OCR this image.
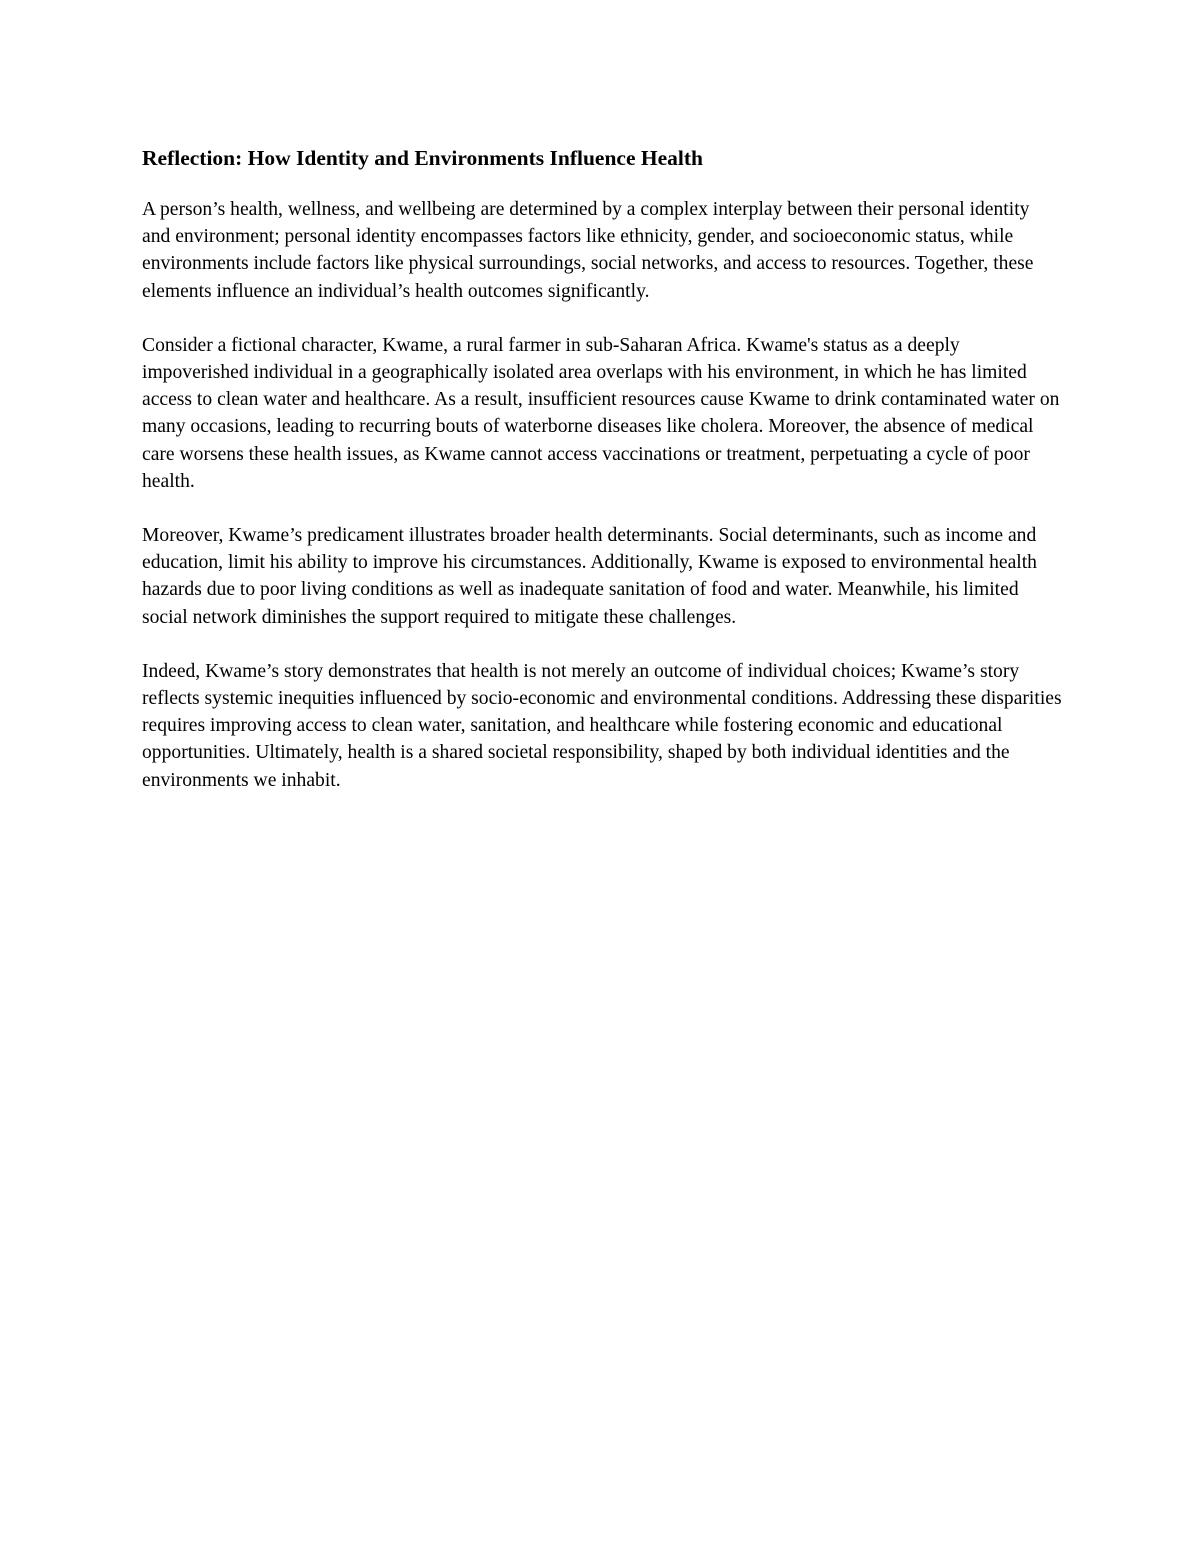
Reflection: How Identity and Environments Influence Health

A person’s health, wellness, and wellbeing are determined by a complex interplay between their personal identity and environment; personal identity encompasses factors like ethnicity, gender, and socioeconomic status, while environments include factors like physical surroundings, social networks, and access to resources. Together, these elements influence an individual’s health outcomes significantly.

Consider a fictional character, Kwame, a rural farmer in sub-Saharan Africa. Kwame's status as a deeply impoverished individual in a geographically isolated area overlaps with his environment, in which he has limited access to clean water and healthcare. As a result, insufficient resources cause Kwame to drink contaminated water on many occasions, leading to recurring bouts of waterborne diseases like cholera. Moreover, the absence of medical care worsens these health issues, as Kwame cannot access vaccinations or treatment, perpetuating a cycle of poor health.

Moreover, Kwame’s predicament illustrates broader health determinants. Social determinants, such as income and education, limit his ability to improve his circumstances. Additionally, Kwame is exposed to environmental health hazards due to poor living conditions as well as inadequate sanitation of food and water. Meanwhile, his limited social network diminishes the support required to mitigate these challenges.

Indeed, Kwame’s story demonstrates that health is not merely an outcome of individual choices; Kwame’s story reflects systemic inequities influenced by socio-economic and environmental conditions. Addressing these disparities requires improving access to clean water, sanitation, and healthcare while fostering economic and educational opportunities. Ultimately, health is a shared societal responsibility, shaped by both individual identities and the environments we inhabit.
